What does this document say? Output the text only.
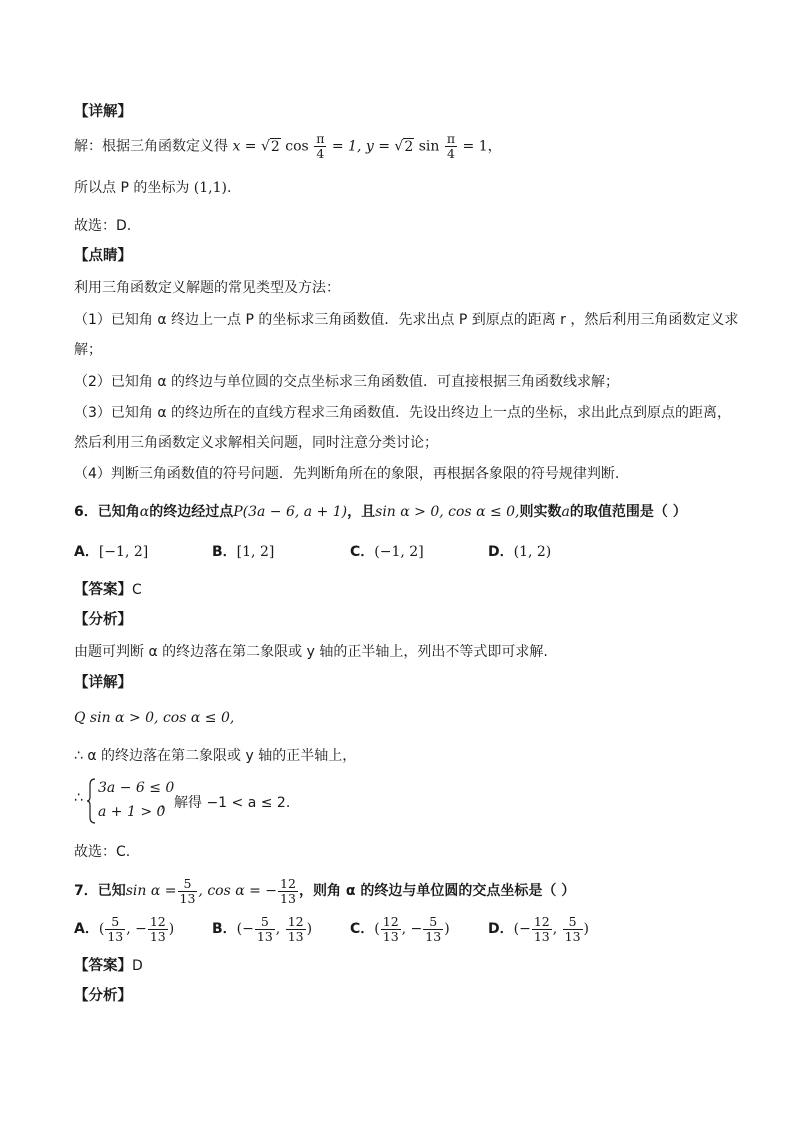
【详解】
解：根据三角函数定义得 x = √2 $\cos \frac{\pi}{4} = 1$, y = √2 $\sin \frac{\pi}{4} = 1$，
所以点 P 的坐标为 (1,1).
故选：D.
【点睛】
利用三角函数定义解题的常见类型及方法：
（1）已知角 α 终边上一点 P 的坐标求三角函数值．先求出点 P 到原点的距离 r ，然后利用三角函数定义求
解；
（2）已知角 α 的终边与单位圆的交点坐标求三角函数值．可直接根据三角函数线求解；
（3）已知角 α 的终边所在的直线方程求三角函数值．先设出终边上一点的坐标，求出此点到原点的距离，
然后利用三角函数定义求解相关问题，同时注意分类讨论；
（4）判断三角函数值的符号问题．先判断角所在的象限，再根据各象限的符号规律判断.
6．已知角α的终边经过点P(3a − 6, a + 1)，且sin α > 0, cos α ≤ 0,则实数a的取值范围是（ ）
A．[−1, 2]	B．[1, 2]	C．(−1, 2]	D．(1, 2)
【答案】C
【分析】
由题可判断 α 的终边落在第二象限或 y 轴的正半轴上，列出不等式即可求解.
【详解】
Q sin α > 0, cos α ≤ 0,
∴ α 的终边落在第二象限或 y 轴的正半轴上，
∴
3a − 6 ≤ 0
a + 1 > 0
，解得 −1 < a ≤ 2.
故选：C.
7．已知$\sin \alpha = \frac{5}{13}$ , cos α = − $\frac{12}{13}$ ，则角 α 的终边与单位圆的交点坐标是（ ）
A．( $\frac{5}{13}$ , − $\frac{12}{13}$ )	B．(− $\frac{5}{13}$ , $\frac{12}{13}$ )	C．( $\frac{12}{13}$ , − $\frac{5}{13}$ )	D．(− $\frac{12}{13}$ , $\frac{5}{13}$ )
【答案】D
【分析】
